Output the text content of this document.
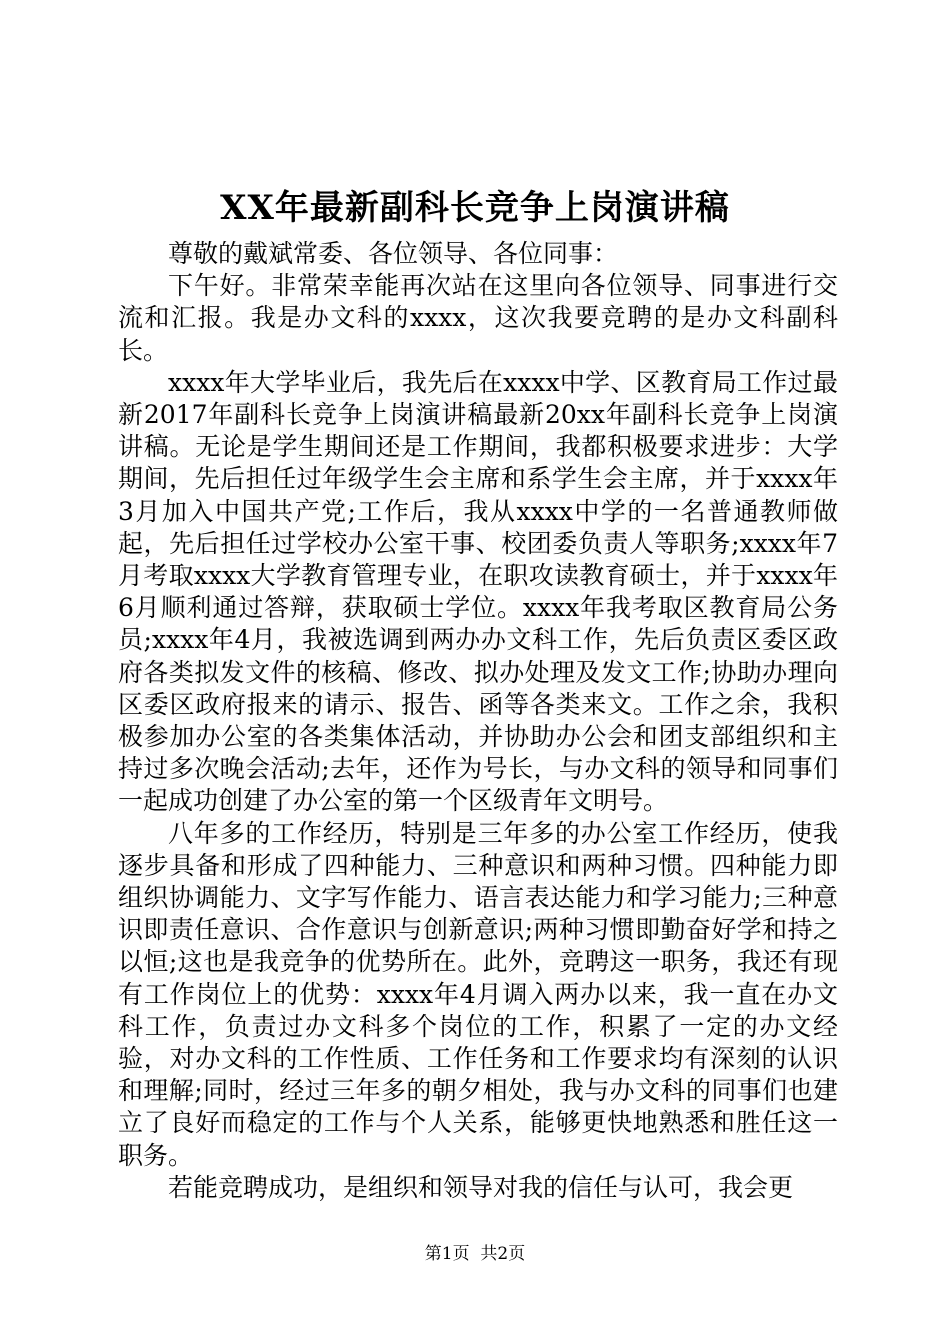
XX年最新副科长竞争上岗演讲稿

尊敬的戴斌常委、各位领导、各位同事：

下午好。非常荣幸能再次站在这里向各位领导、同事进行交流和汇报。我是办文科的xxxx，这次我要竞聘的是办文科副科长。

xxxx年大学毕业后，我先后在xxxx中学、区教育局工作过最新2017年副科长竞争上岗演讲稿最新20xx年副科长竞争上岗演讲稿。无论是学生期间还是工作期间，我都积极要求进步：大学期间，先后担任过年级学生会主席和系学生会主席，并于xxxx年3月加入中国共产党;工作后，我从xxxx中学的一名普通教师做起，先后担任过学校办公室干事、校团委负责人等职务;xxxx年7月考取xxxx大学教育管理专业，在职攻读教育硕士，并于xxxx年6月顺利通过答辩，获取硕士学位。xxxx年我考取区教育局公务员;xxxx年4月，我被选调到两办办文科工作，先后负责区委区政府各类拟发文件的核稿、修改、拟办处理及发文工作;协助办理向区委区政府报来的请示、报告、函等各类来文。工作之余，我积极参加办公室的各类集体活动，并协助办公会和团支部组织和主持过多次晚会活动;去年，还作为号长，与办文科的领导和同事们一起成功创建了办公室的第一个区级青年文明号。

八年多的工作经历，特别是三年多的办公室工作经历，使我逐步具备和形成了四种能力、三种意识和两种习惯。四种能力即组织协调能力、文字写作能力、语言表达能力和学习能力;三种意识即责任意识、合作意识与创新意识;两种习惯即勤奋好学和持之以恒;这也是我竞争的优势所在。此外，竞聘这一职务，我还有现有工作岗位上的优势：xxxx年4月调入两办以来，我一直在办文科工作，负责过办文科多个岗位的工作，积累了一定的办文经验，对办文科的工作性质、工作任务和工作要求均有深刻的认识和理解;同时，经过三年多的朝夕相处，我与办文科的同事们也建立了良好而稳定的工作与个人关系，能够更快地熟悉和胜任这一职务。

若能竞聘成功，是组织和领导对我的信任与认可，我会更

第1页 共2页
